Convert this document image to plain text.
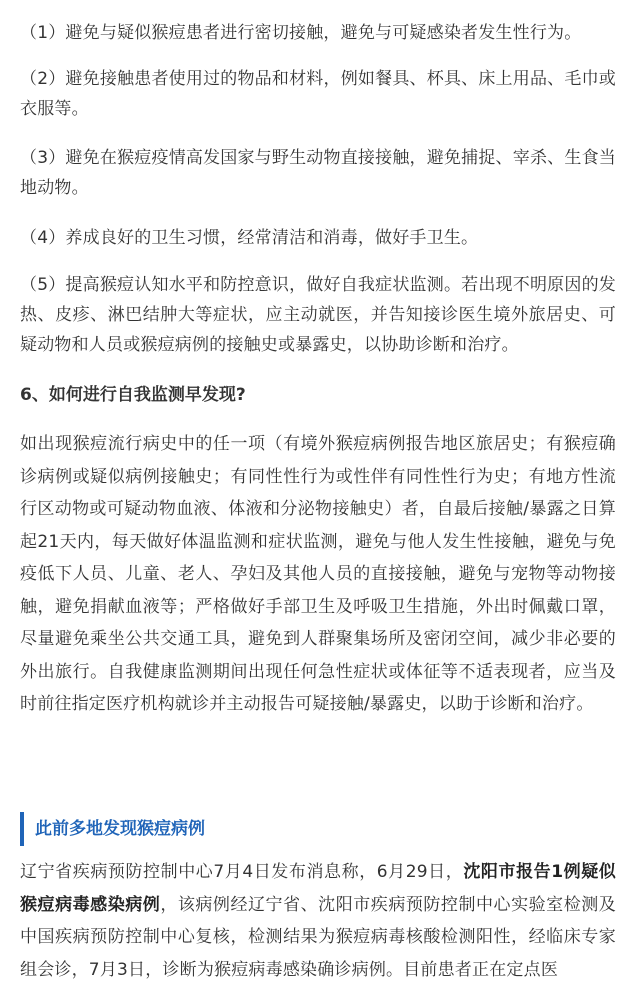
（1）避免与疑似猴痘患者进行密切接触，避免与可疑感染者发生性行为。

（2）避免接触患者使用过的物品和材料，例如餐具、杯具、床上用品、毛巾或衣服等。

（3）避免在猴痘疫情高发国家与野生动物直接接触，避免捕捉、宰杀、生食当地动物。

（4）养成良好的卫生习惯，经常清洁和消毒，做好手卫生。

（5）提高猴痘认知水平和防控意识，做好自我症状监测。若出现不明原因的发热、皮疹、淋巴结肿大等症状，应主动就医，并告知接诊医生境外旅居史、可疑动物和人员或猴痘病例的接触史或暴露史，以协助诊断和治疗。

6、如何进行自我监测早发现?

如出现猴痘流行病史中的任一项（有境外猴痘病例报告地区旅居史；有猴痘确诊病例或疑似病例接触史；有同性性行为或性伴有同性性行为史；有地方性流行区动物或可疑动物血液、体液和分泌物接触史）者，自最后接触/暴露之日算起21天内，每天做好体温监测和症状监测，避免与他人发生性接触，避免与免疫低下人员、儿童、老人、孕妇及其他人员的直接接触，避免与宠物等动物接触，避免捐献血液等；严格做好手部卫生及呼吸卫生措施，外出时佩戴口罩，尽量避免乘坐公共交通工具，避免到人群聚集场所及密闭空间，减少非必要的外出旅行。自我健康监测期间出现任何急性症状或体征等不适表现者，应当及时前往指定医疗机构就诊并主动报告可疑接触/暴露史，以助于诊断和治疗。

此前多地发现猴痘病例

辽宁省疾病预防控制中心7月4日发布消息称，6月29日，沈阳市报告1例疑似猴痘病毒感染病例，该病例经辽宁省、沈阳市疾病预防控制中心实验室检测及中国疾病预防控制中心复核，检测结果为猴痘病毒核酸检测阳性，经临床专家组会诊，7月3日，诊断为猴痘病毒感染确诊病例。目前患者正在定点医
